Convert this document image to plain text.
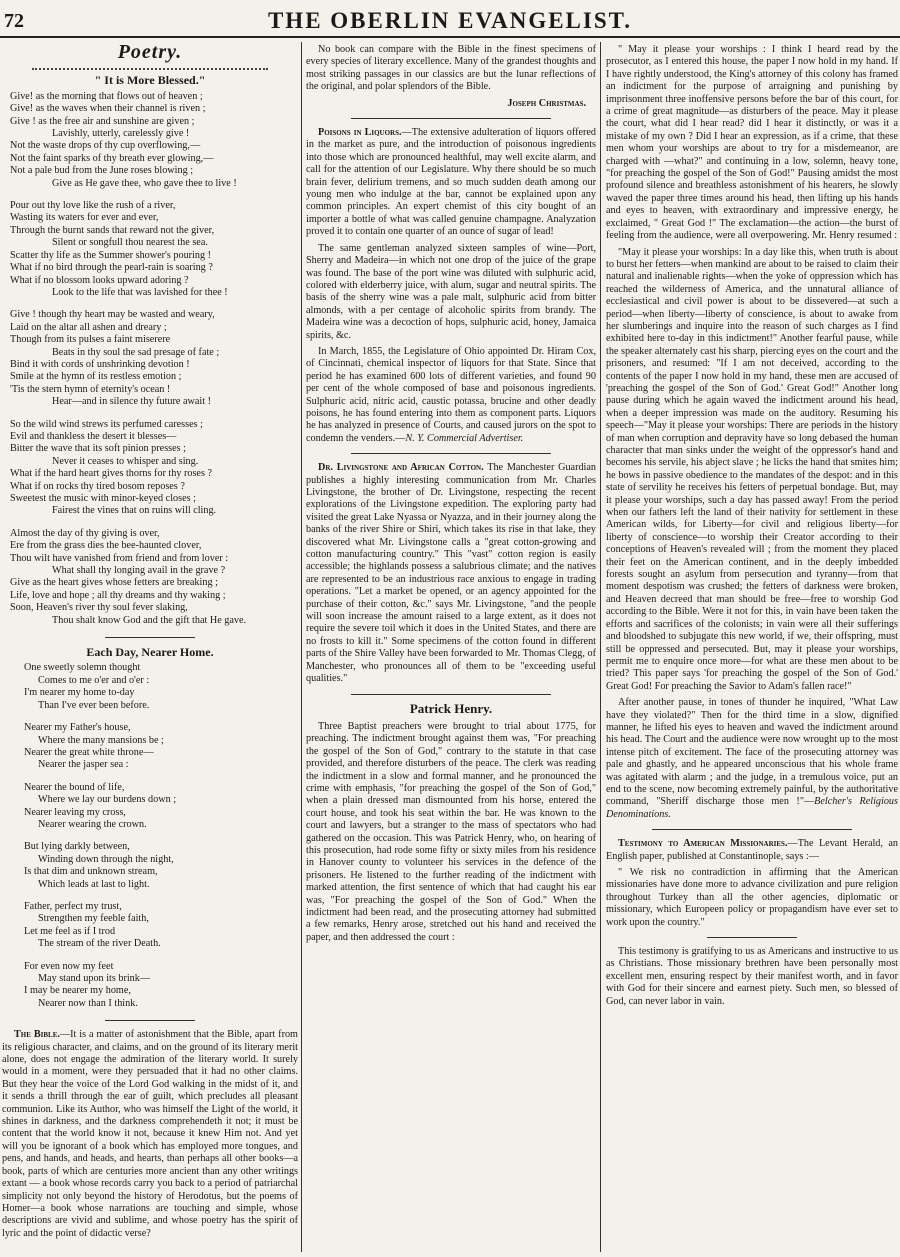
72	THE OBERLIN EVANGELIST.
Poetry.
" It is More Blessed."
Give! as the morning that flows out of heaven ;
Give! as the waves when their channel is riven ;
Give ! as the free air and sunshine are given ;
Lavishly, utterly, carelessly give !
Not the waste drops of thy cup overflowing,—
Not the faint sparks of thy breath ever glowing,—
Not a pale bud from the June roses blowing ;
Give as He gave thee, who gave thee to live !
Pour out thy love like the rush of a river,
Wasting its waters for ever and ever,
Through the burnt sands that reward not the giver,
Silent or songfull thou nearest the sea.
Scatter thy life as the Summer shower's pouring !
What if no bird through the pearl-rain is soaring ?
What if no blossom looks upward adoring ?
Look to the life that was lavished for thee !
Give ! though thy heart may be wasted and weary,
Laid on the altar all ashen and dreary ;
Though from its pulses a faint miserere
Beats in thy soul the sad presage of fate ;
Bind it with cords of unshrinking devotion !
Smile at the hymn of its restless emotion ;
'Tis the stern hymn of eternity's ocean !
Hear—and in silence thy future await !
So the wild wind strews its perfumed caresses ;
Evil and thankless the desert it blesses—
Bitter the wave that its soft pinion presses ;
Never it ceases to whisper and sing.
What if the hard heart gives thorns for thy roses ?
What if on rocks thy tired bosom reposes ?
Sweetest the music with minor-keyed closes ;
Fairest the vines that on ruins will cling.
Almost the day of thy giving is over,
Ere from the grass dies the bee-haunted clover,
Thou wilt have vanished from friend and from lover :
What shall thy longing avail in the grave ?
Give as the heart gives whose fetters are breaking ;
Life, love and hope ; all thy dreams and thy waking ;
Soon, Heaven's river thy soul fever slaking,
Thou shalt know God and the gift that He gave.
Each Day, Nearer Home.
One sweetly solemn thought
Comes to me o'er and o'er :
I'm nearer my home to-day
Than I've ever been before.
Nearer my Father's house,
Where the many mansions be ;
Nearer the great white throne—
Nearer the jasper sea :
Nearer the bound of life,
Where we lay our burdens down ;
Nearer leaving my cross,
Nearer wearing the crown.
But lying darkly between,
Winding down through the night,
Is that dim and unknown stream,
Which leads at last to light.
Father, perfect my trust,
Strengthen my feeble faith,
Let me feel as if I trod
The stream of the river Death.
For even now my feet
May stand upon its brink—
I may be nearer my home,
Nearer now than I think.

The Bible.—It is a matter of astonishment that the Bible, apart from its religious character, and claims, and on the ground of its literary merit alone, does not engage the admiration of the literary world. It surely would in a moment, were they persuaded that it had no other claims. But they hear the voice of the Lord God walking in the midst of it, and it sends a thrill through the ear of guilt, which precludes all pleasant communion. Like its Author, who was himself the Light of the world, it shines in darkness, and the darkness comprehendeth it not; it must be content that the world know it not, because it knew Him not. And yet will you be ignorant of a book which has employed more tongues, and pens, and hands, and heads, and hearts, than perhaps all other books—a book, parts of which are centuries more ancient than any other writings extant — a book whose records carry you back to a period of patriarchal simplicity not only beyond the history of Herodotus, but the poems of Homer—a book whose narrations are touching and simple, whose descriptions are vivid and sublime, and whose poetry has the spirit of lyric and the point of didactic verse?

No book can compare with the Bible in the finest specimens of every species of literary excellence. Many of the grandest thoughts and most striking passages in our classics are but the lunar reflections of the original, and polar splendors of the Bible.

Joseph Christmas.

Poisons in Liquors.—The extensive adulteration of liquors offered in the market as pure, and the introduction of poisonous ingredients into those which are pronounced healthful, may well excite alarm, and call for the attention of our Legislature. Why there should be so much brain fever, delirium tremens, and so much sudden death among our young men who indulge at the bar, cannot be explained upon any common principles. An expert chemist of this city bought of an importer a bottle of what was called genuine champagne. Analyzation proved it to contain one quarter of an ounce of sugar of lead!

The same gentleman analyzed sixteen samples of wine—Port, Sherry and Madeira—in which not one drop of the juice of the grape was found. The base of the port wine was diluted with sulphuric acid, colored with elderberry juice, with alum, sugar and neutral spirits. The basis of the sherry wine was a pale malt, sulphuric acid from bitter almonds, with a per centage of alcoholic spirits from brandy. The Madeira wine was a decoction of hops, sulphuric acid, honey, Jamaica spirits, &c.

In March, 1855, the Legislature of Ohio appointed Dr. Hiram Cox, of Cincinnati, chemical inspector of liquors for that State. Since that period he has examined 600 lots of different varieties, and found 90 per cent of the whole composed of base and poisonous ingredients. Sulphuric acid, nitric acid, caustic potassa, brucine and other deadly poisons, he has found entering into them as component parts. Liquors he has analyzed in presence of Courts, and caused jurors on the spot to condemn the venders.—N. Y. Commercial Advertiser.

Dr. Livingstone and African Cotton. The Manchester Guardian publishes a highly interesting communication from Mr. Charles Livingstone, the brother of Dr. Livingstone, respecting the recent explorations of the Livingstone expedition. The exploring party had visited the great Lake Nyassa or Nyazza, and in their journey along the banks of the river Shire or Shiri, which takes its rise in that lake, they discovered what Mr. Livingstone calls a "great cotton-growing and cotton manufacturing country." This "vast" cotton region is easily accessible; the highlands possess a salubrious climate; and the natives are represented to be an industrious race anxious to engage in trading operations. "Let a market be opened, or an agency appointed for the purchase of their cotton, &c." says Mr. Livingstone, "and the people will soon increase the amount raised to a large extent, as it does not require the severe toil which it does in the United States, and there are no frosts to kill it." Some specimens of the cotton found in different parts of the Shire Valley have been forwarded to Mr. Thomas Clegg, of Manchester, who pronounces all of them to be "exceeding useful qualities."

Patrick Henry.

Three Baptist preachers were brought to trial about 1775, for preaching. The indictment brought against them was, "For preaching the gospel of the Son of God," contrary to the statute in that case provided, and therefore disturbers of the peace. The clerk was reading the indictment in a slow and formal manner, and he pronounced the crime with emphasis, "for preaching the gospel of the Son of God," when a plain dressed man dismounted from his horse, entered the court house, and took his seat within the bar. He was known to the court and lawyers, but a stranger to the mass of spectators who had gathered on the occasion. This was Patrick Henry, who, on hearing of this prosecution, had rode some fifty or sixty miles from his residence in Hanover county to volunteer his services in the defence of the prisoners. He listened to the further reading of the indictment with marked attention, the first sentence of which that had caught his ear was, "For preaching the gospel of the Son of God." When the indictment had been read, and the prosecuting attorney had submitted a few remarks, Henry arose, stretched out his hand and received the paper, and then addressed the court :

" May it please your worships : I think I heard read by the prosecutor, as I entered this house, the paper I now hold in my hand. If I have rightly understood, the King's attorney of this colony has framed an indictment for the purpose of arraigning and punishing by imprisonment three inoffensive persons before the bar of this court, for a crime of great magnitude—as disturbers of the peace. May it please the court, what did I hear read? did I hear it distinctly, or was it a mistake of my own ? Did I hear an expression, as if a crime, that these men whom your worships are about to try for a misdemeanor, are charged with —what?" and continuing in a low, solemn, heavy tone, "for preaching the gospel of the Son of God!" Pausing amidst the most profound silence and breathless astonishment of his hearers, he slowly waved the paper three times around his head, then lifting up his hands and eyes to heaven, with extraordinary and impressive energy, he exclaimed, " Great God !" The exclamation—the action—the burst of feeling from the audience, were all overpowering. Mr. Henry resumed :

"May it please your worships: In a day like this, when truth is about to burst her fetters—when mankind are about to be raised to claim their natural and inalienable rights—when the yoke of oppression which has reached the wilderness of America, and the unnatural alliance of ecclesiastical and civil power is about to be dissevered—at such a period—when liberty—liberty of conscience, is about to awake from her slumberings and inquire into the reason of such charges as I find exhibited here to-day in this indictment!" Another fearful pause, while the speaker alternately cast his sharp, piercing eyes on the court and the prisoners, and resumed: "If I am not deceived, according to the contents of the paper I now hold in my hand, these men are accused of 'preaching the gospel of the Son of God.' Great God!" Another long pause during which he again waved the indictment around his head, when a deeper impression was made on the auditory. Resuming his speech—"May it please your worships: There are periods in the history of man when corruption and depravity have so long debased the human character that man sinks under the weight of the oppressor's hand and becomes his servile, his abject slave ; he licks the hand that smites him; he bows in passive obedience to the mandates of the despot: and in this state of servility he receives his fetters of perpetual bondage. But, may it please your worships, such a day has passed away! From the period when our fathers left the land of their nativity for settlement in these American wilds, for Liberty—for civil and religious liberty—for liberty of conscience—to worship their Creator according to their conceptions of Heaven's revealed will ; from the moment they placed their feet on the American continent, and in the deeply imbedded forests sought an asylum from persecution and tyranny—from that moment despotism was crushed; the fetters of darkness were broken, and Heaven decreed that man should be free—free to worship God according to the Bible. Were it not for this, in vain have been taken the efforts and sacrifices of the colonists; in vain were all their sufferings and bloodshed to subjugate this new world, if we, their offspring, must still be oppressed and persecuted. But, may it please your worships, permit me to enquire once more—for what are these men about to be tried? This paper says 'for preaching the gospel of the Son of God.' Great God! For preaching the Savior to Adam's fallen race!"

After another pause, in tones of thunder he inquired, "What Law have they violated?" Then for the third time in a slow, dignified manner, he lifted his eyes to heaven and waved the indictment around his head. The Court and the audience were now wrought up to the most intense pitch of excitement. The face of the prosecuting attorney was pale and ghastly, and he appeared unconscious that his whole frame was agitated with alarm ; and the judge, in a tremulous voice, put an end to the scene, now becoming extremely painful, by the authoritative command, "Sheriff discharge those men !"—Belcher's Religious Denominations.

Testimony to American Missionaries.—The Levant Herald, an English paper, published at Constantinople, says :—

" We risk no contradiction in affirming that the American missionaries have done more to advance civilization and pure religion throughout Turkey than all the other agencies, diplomatic or missionary, which Europeen policy or propagandism have ever set to work upon the country."

This testimony is gratifying to us as Americans and instructive to us as Christians. Those missionary brethren have been personally most excellent men, ensuring respect by their manifest worth, and in favor with God for their sincere and earnest piety. Such men, so blessed of God, can never labor in vain.
